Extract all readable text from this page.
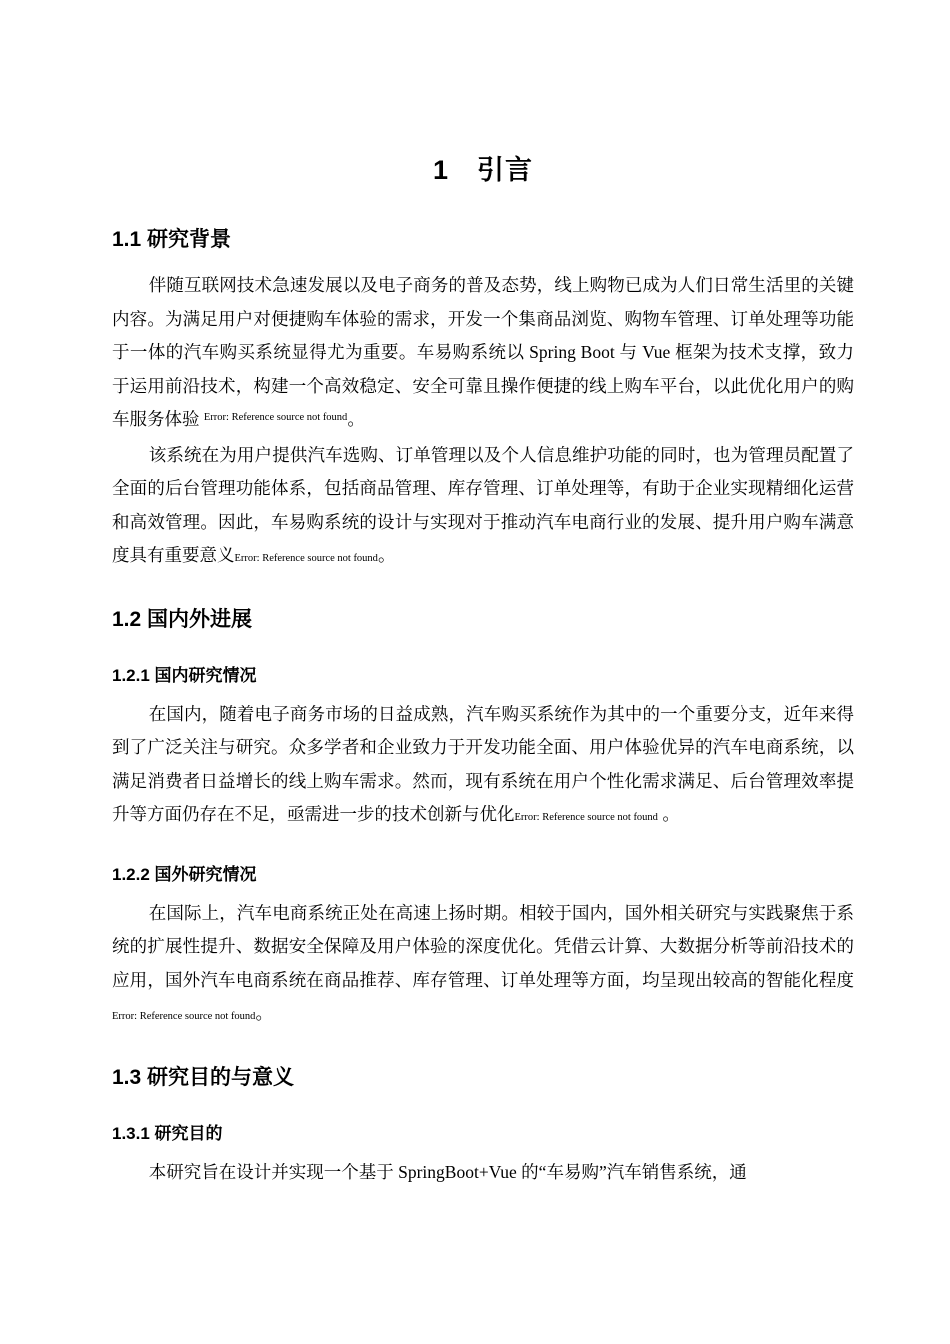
1　引言
1.1 研究背景

伴随互联网技术急速发展以及电子商务的普及态势，线上购物已成为人们日常生活里的关键内容。为满足用户对便捷购车体验的需求，开发一个集商品浏览、购物车管理、订单处理等功能于一体的汽车购买系统显得尤为重要。车易购系统以 Spring Boot 与 Vue 框架为技术支撑，致力于运用前沿技术，构建一个高效稳定、安全可靠且操作便捷的线上购车平台，以此优化用户的购车服务体验 $^{Error: Reference source not found}$。

该系统在为用户提供汽车选购、订单管理以及个人信息维护功能的同时，也为管理员配置了全面的后台管理功能体系，包括商品管理、库存管理、订单处理等，有助于企业实现精细化运营和高效管理。因此，车易购系统的设计与实现对于推动汽车电商行业的发展、提升用户购车满意度具有重要意义Error: Reference source not found。

1.2 国内外进展
1.2.1 国内研究情况

在国内，随着电子商务市场的日益成熟，汽车购买系统作为其中的一个重要分支，近年来得到了广泛关注与研究。众多学者和企业致力于开发功能全面、用户体验优异的汽车电商系统，以满足消费者日益增长的线上购车需求。然而，现有系统在用户个性化需求满足、后台管理效率提升等方面仍存在不足，亟需进一步的技术创新与优化Error: Reference source not found 。

1.2.2 国外研究情况

在国际上，汽车电商系统正处在高速上扬时期。相较于国内，国外相关研究与实践聚焦于系统的扩展性提升、数据安全保障及用户体验的深度优化。凭借云计算、大数据分析等前沿技术的应用，国外汽车电商系统在商品推荐、库存管理、订单处理等方面，均呈现出较高的智能化程度 Error: Reference source not found。

1.3 研究目的与意义
1.3.1 研究目的

本研究旨在设计并实现一个基于 SpringBoot+Vue 的“车易购”汽车销售系统，通
